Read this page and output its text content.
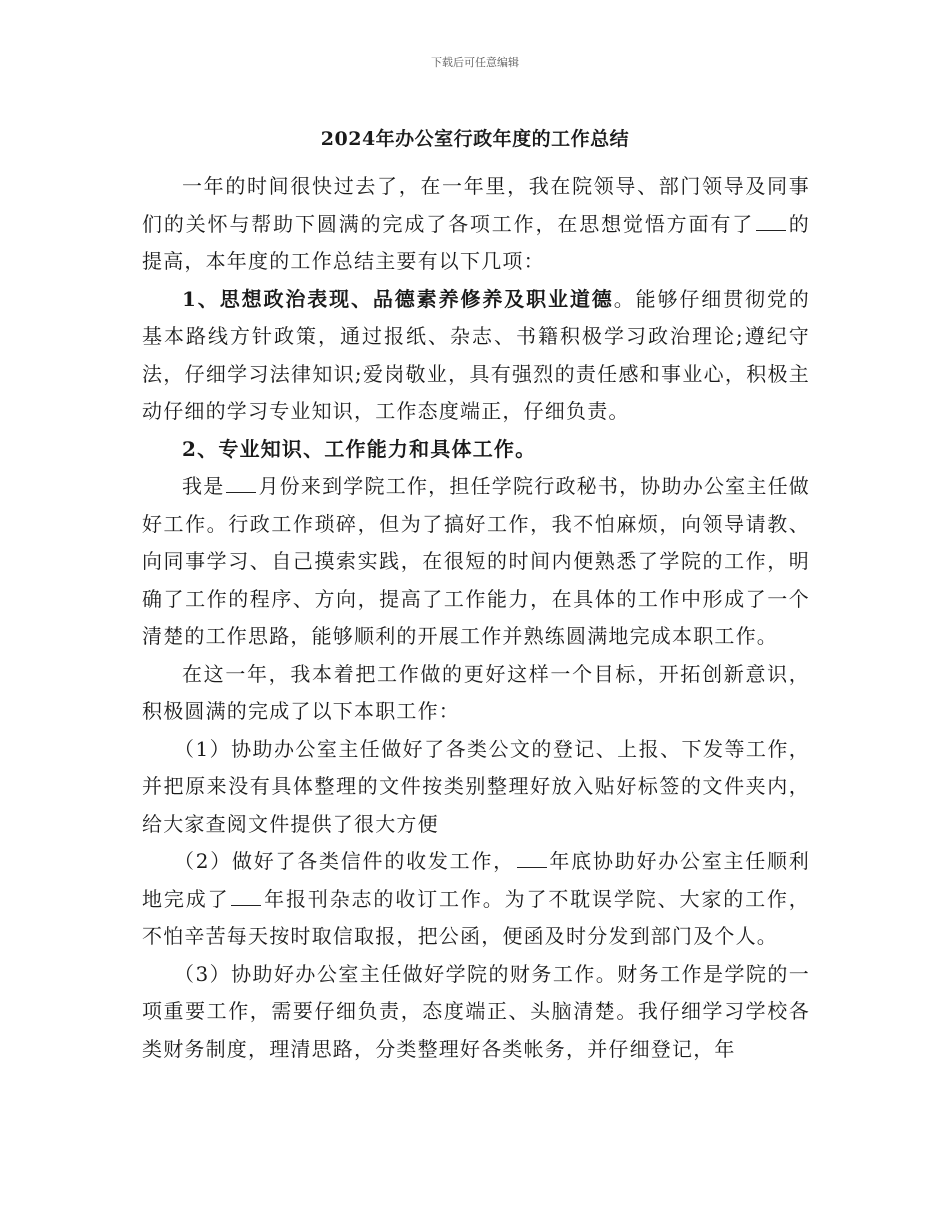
下载后可任意编辑
2024年办公室行政年度的工作总结

一年的时间很快过去了，在一年里，我在院领导、部门领导及同事们的关怀与帮助下圆满的完成了各项工作，在思想觉悟方面有了 的提高，本年度的工作总结主要有以下几项：

1、思想政治表现、品德素养修养及职业道德。能够仔细贯彻党的基本路线方针政策，通过报纸、杂志、书籍积极学习政治理论;遵纪守法，仔细学习法律知识;爱岗敬业，具有强烈的责任感和事业心，积极主动仔细的学习专业知识，工作态度端正，仔细负责。

2、专业知识、工作能力和具体工作。

我是 月份来到学院工作，担任学院行政秘书，协助办公室主任做好工作。行政工作琐碎，但为了搞好工作，我不怕麻烦，向领导请教、向同事学习、自己摸索实践，在很短的时间内便熟悉了学院的工作，明确了工作的程序、方向，提高了工作能力，在具体的工作中形成了一个清楚的工作思路，能够顺利的开展工作并熟练圆满地完成本职工作。

在这一年，我本着把工作做的更好这样一个目标，开拓创新意识，积极圆满的完成了以下本职工作：

（1）协助办公室主任做好了各类公文的登记、上报、下发等工作，并把原来没有具体整理的文件按类别整理好放入贴好标签的文件夹内，给大家查阅文件提供了很大方便

（2）做好了各类信件的收发工作， 年底协助好办公室主任顺利地完成了 年报刊杂志的收订工作。为了不耽误学院、大家的工作，不怕辛苦每天按时取信取报，把公函，便函及时分发到部门及个人。

（3）协助好办公室主任做好学院的财务工作。财务工作是学院的一项重要工作，需要仔细负责，态度端正、头脑清楚。我仔细学习学校各类财务制度，理清思路，分类整理好各类帐务，并仔细登记，年
